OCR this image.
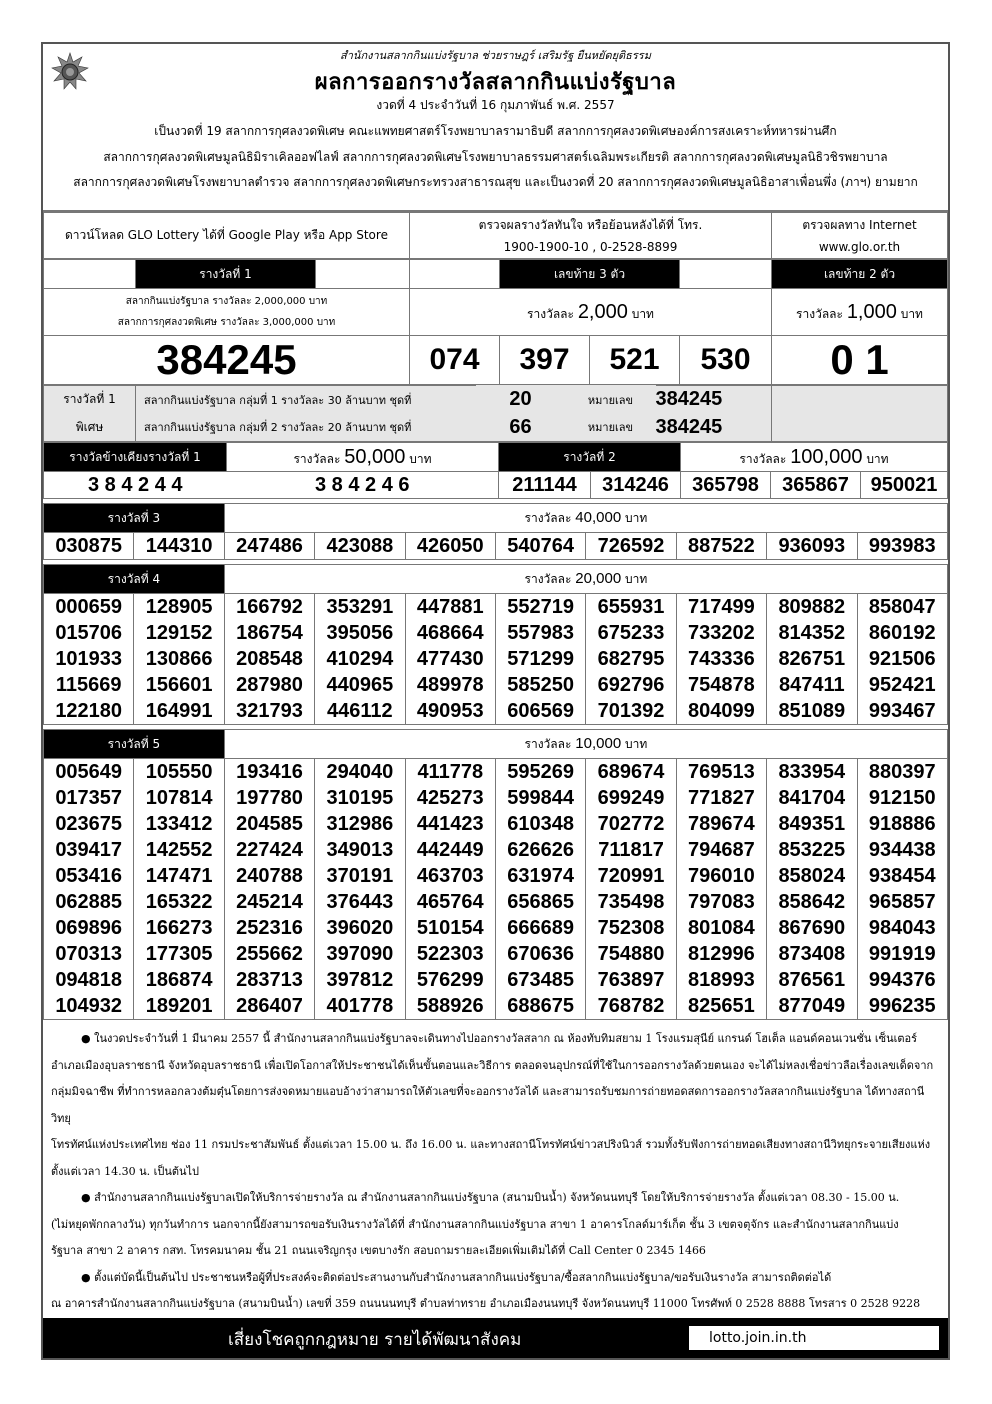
สำนักงานสลากกินแบ่งรัฐบาล ช่วยราษฎร์ เสริมรัฐ ยืนหยัดยุติธรรม
ผลการออกรางวัลสลากกินแบ่งรัฐบาล
งวดที่ 4 ประจำวันที่ 16 กุมภาพันธ์ พ.ศ. 2557
เป็นงวดที่ 19 สลากการกุศลงวดพิเศษ คณะแพทยศาสตร์โรงพยาบาลรามาธิบดี สลากการกุศลงวดพิเศษองค์การสงเคราะห์ทหารผ่านศึก
สลากการกุศลงวดพิเศษมูลนิธิมิราเคิลออฟไลฟ์ สลากการกุศลงวดพิเศษโรงพยาบาลธรรมศาสตร์เฉลิมพระเกียรติ สลากการกุศลงวดพิเศษมูลนิธิวชิรพยาบาล
สลากการกุศลงวดพิเศษโรงพยาบาลตำรวจ สลากการกุศลงวดพิเศษกระทรวงสาธารณสุข และเป็นงวดที่ 20 สลากการกุศลงวดพิเศษมูลนิธิอาสาเพื่อนพึ่ง (ภาฯ) ยามยาก
ดาวน์โหลด GLO Lottery ได้ที่ Google Play หรือ App Store	
ตรวจผลรางวัลทันใจ หรือย้อนหลังได้ที่ โทร.
1900-1900-10 , 0-2528-8899

ตรวจผลทาง Internet
www.glo.or.th
	รางวัลที่ 1			เลขท้าย 3 ตัว			เลขท้าย 2 ตัว

สลากกินแบ่งรัฐบาล รางวัลละ 2,000,000 บาท
สลากการกุศลงวดพิเศษ รางวัลละ 3,000,000 บาท			รางวัลละ 2,000 บาท				รางวัลละ 1,000 บาท
384245			074	397	521	530	0 1
รางวัลที่ 1	สลากกินแบ่งรัฐบาล กลุ่มที่ 1 รางวัลละ 30 ล้านบาท ชุดที่	20	หมายเลข	384245	
พิเศษ	สลากกินแบ่งรัฐบาล กลุ่มที่ 2 รางวัลละ 20 ล้านบาท ชุดที่	66	หมายเลข	384245	
รางวัลข้างเคียงรางวัลที่ 1	รางวัลละ 50,000 บาท	รางวัลที่ 2		รางวัลละ 100,000 บาท		
3 8 4 2 4 4	3 8 4 2 4 6	211144	314246	365798	365867	950021
รางวัลที่ 3		รางวัลละ 40,000 บาท							
030875	144310	247486	423088	426050	540764	726592	887522	936093	993983
รางวัลที่ 4		รางวัลละ 20,000 บาท							
000659	128905	166792	353291	447881	552719	655931	717499	809882	858047
015706	129152	186754	395056	468664	557983	675233	733202	814352	860192
101933	130866	208548	410294	477430	571299	682795	743336	826751	921506
115669	156601	287980	440965	489978	585250	692796	754878	847411	952421
122180	164991	321793	446112	490953	606569	701392	804099	851089	993467
รางวัลที่ 5		รางวัลละ 10,000 บาท							
005649	105550	193416	294040	411778	595269	689674	769513	833954	880397
017357	107814	197780	310195	425273	599844	699249	771827	841704	912150
023675	133412	204585	312986	441423	610348	702772	789674	849351	918886
039417	142552	227424	349013	442449	626626	711817	794687	853225	934438
053416	147471	240788	370191	463703	631974	720991	796010	858024	938454
062885	165322	245214	376443	465764	656865	735498	797083	858642	965857
069896	166273	252316	396020	510154	666689	752308	801084	867690	984043
070313	177305	255662	397090	522303	670636	754880	812996	873408	991919
094818	186874	283713	397812	576299	673485	763897	818993	876561	994376
104932	189201	286407	401778	588926	688675	768782	825651	877049	996235

● ในงวดประจำวันที่ 1 มีนาคม 2557 นี้ สำนักงานสลากกินแบ่งรัฐบาลจะเดินทางไปออกรางวัลสลาก ณ ห้องทับทิมสยาม 1 โรงแรมสุนีย์ แกรนด์ โฮเต็ล แอนด์คอนเวนชั่น เซ็นเตอร์

อำเภอเมืองอุบลราชธานี จังหวัดอุบลราชธานี เพื่อเปิดโอกาสให้ประชาชนได้เห็นขั้นตอนและวิธีการ ตลอดจนอุปกรณ์ที่ใช้ในการออกรางวัลด้วยตนเอง จะได้ไม่หลงเชื่อข่าวลือเรื่องเลขเด็ดจาก

กลุ่มมิจฉาชีพ ที่ทำการหลอกลวงต้มตุ๋นโดยการส่งจดหมายแอบอ้างว่าสามารถให้ตัวเลขที่จะออกรางวัลได้ และสามารถรับชมการถ่ายทอดสดการออกรางวัลสลากกินแบ่งรัฐบาล ได้ทางสถานีวิทยุ

โทรทัศน์แห่งประเทศไทย ช่อง 11 กรมประชาสัมพันธ์ ตั้งแต่เวลา 15.00 น. ถึง 16.00 น. และทางสถานีโทรทัศน์ข่าวสปริงนิวส์ รวมทั้งรับฟังการถ่ายทอดเสียงทางสถานีวิทยุกระจายเสียงแห่ง

ตั้งแต่เวลา 14.30 น. เป็นต้นไป

● สำนักงานสลากกินแบ่งรัฐบาลเปิดให้บริการจ่ายรางวัล ณ สำนักงานสลากกินแบ่งรัฐบาล (สนามบินน้ำ) จังหวัดนนทบุรี โดยให้บริการจ่ายรางวัล ตั้งแต่เวลา 08.30 - 15.00 น.

(ไม่หยุดพักกลางวัน) ทุกวันทำการ นอกจากนี้ยังสามารถขอรับเงินรางวัลได้ที่ สำนักงานสลากกินแบ่งรัฐบาล สาขา 1 อาคารโกลด์มาร์เก็ต ชั้น 3 เขตจตุจักร และสำนักงานสลากกินแบ่ง

รัฐบาล สาขา 2 อาคาร กสท. โทรคมนาคม ชั้น 21 ถนนเจริญกรุง เขตบางรัก สอบถามรายละเอียดเพิ่มเติมได้ที่ Call Center 0 2345 1466

● ตั้งแต่บัดนี้เป็นต้นไป ประชาชนหรือผู้ที่ประสงค์จะติดต่อประสานงานกับสำนักงานสลากกินแบ่งรัฐบาล/ซื้อสลากกินแบ่งรัฐบาล/ขอรับเงินรางวัล สามารถติดต่อได้

ณ อาคารสำนักงานสลากกินแบ่งรัฐบาล (สนามบินน้ำ) เลขที่ 359 ถนนนนทบุรี ตำบลท่าทราย อำเภอเมืองนนทบุรี จังหวัดนนทบุรี 11000 โทรศัพท์ 0 2528 8888 โทรสาร 0 2528 9228

เสี่ยงโชคถูกกฎหมาย รายได้พัฒนาสังคม	lotto.join.in.th
